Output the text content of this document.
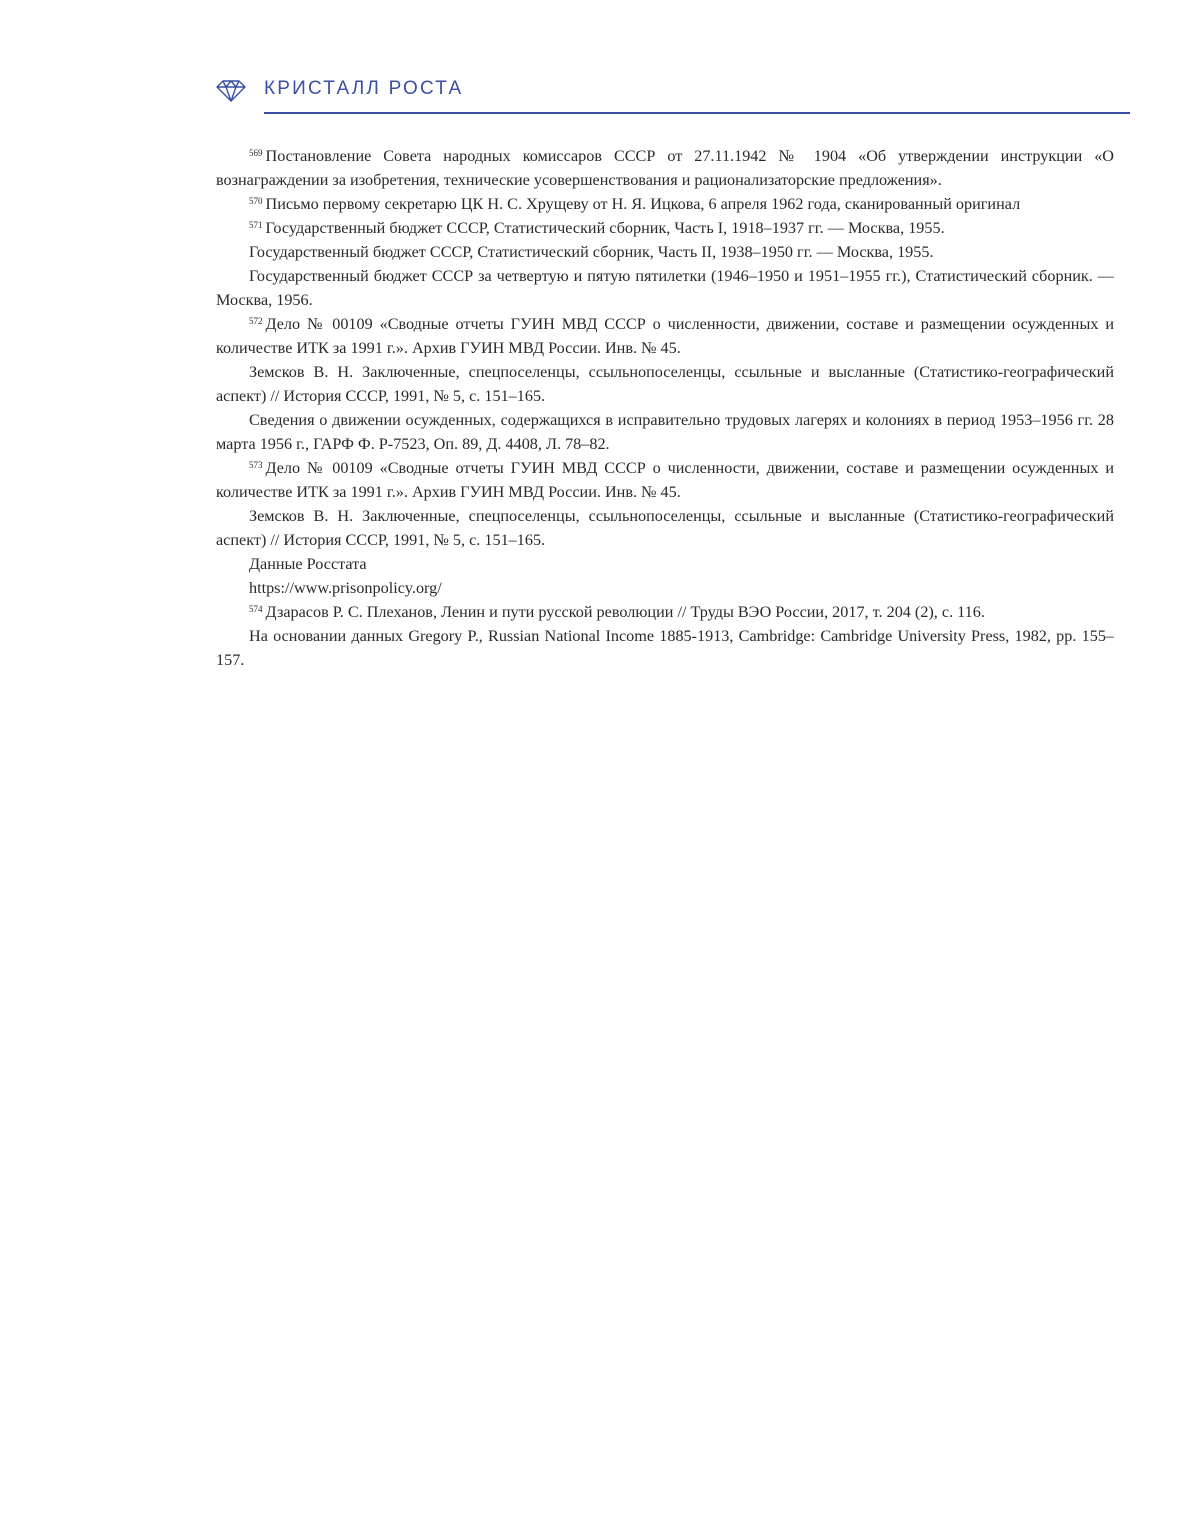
КРИСТАЛЛ РОСТА

$^{569}$ Постановление Совета народных комиссаров СССР от 27.11.1942 № 1904 «Об утверждении инструкции «О вознаграждении за изобретения, технические усовершенствования и рационализаторские предложения».

$^{570}$ Письмо первому секретарю ЦК Н. С. Хрущеву от Н. Я. Ицкова, 6 апреля 1962 года, сканированный оригинал

$^{571}$ Государственный бюджет СССР, Статистический сборник, Часть I, 1918–1937 гг. — Москва, 1955.

Государственный бюджет СССР, Статистический сборник, Часть II, 1938–1950 гг. — Москва, 1955.

Государственный бюджет СССР за четвертую и пятую пятилетки (1946–1950 и 1951–1955 гг.), Статистический сборник. — Москва, 1956.

$^{572}$ Дело № 00109 «Сводные отчеты ГУИН МВД СССР о численности, движении, составе и размещении осужденных и количестве ИТК за 1991 г.». Архив ГУИН МВД России. Инв. № 45.

Земсков В. Н. Заключенные, спецпоселенцы, ссыльнопоселенцы, ссыльные и высланные (Статистико-географический аспект) // История СССР, 1991, № 5, с. 151–165.

Сведения о движении осужденных, содержащихся в исправительно трудовых лагерях и колониях в период 1953–1956 гг. 28 марта 1956 г., ГАРФ Ф. Р-7523, Оп. 89, Д. 4408, Л. 78–82.

$^{573}$ Дело № 00109 «Сводные отчеты ГУИН МВД СССР о численности, движении, составе и размещении осужденных и количестве ИТК за 1991 г.». Архив ГУИН МВД России. Инв. № 45.

Земсков В. Н. Заключенные, спецпоселенцы, ссыльнопоселенцы, ссыльные и высланные (Статистико-географический аспект) // История СССР, 1991, № 5, с. 151–165.

Данные Росстата

https://www.prisonpolicy.org/

$^{574}$ Дзарасов Р. С. Плеханов, Ленин и пути русской революции // Труды ВЭО России, 2017, т. 204 (2), с. 116.

На основании данных Gregory P., Russian National Income 1885-1913, Cambridge: Cambridge University Press, 1982, pp. 155–157.
